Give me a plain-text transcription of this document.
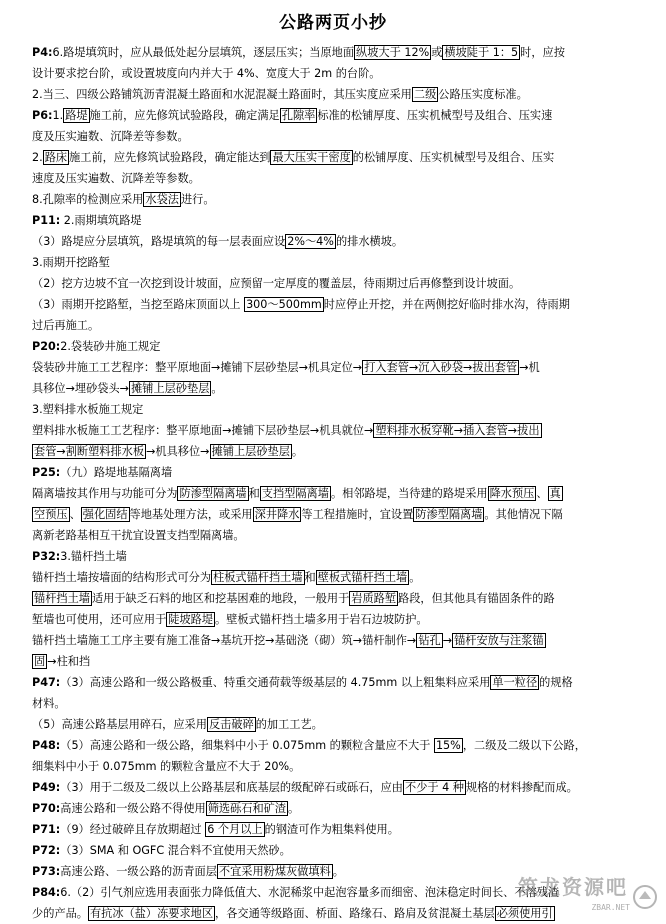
公路两页小抄
P4:6.路堤填筑时，应从最低处起分层填筑，逐层压实；当原地面 纵坡大于 12% 或 横坡陡于 1：5 时，应按
设计要求挖台阶，或设置坡度向内并大于 4%、宽度大于 2m 的台阶。
2.当三、四级公路铺筑沥青混凝土路面和水泥混凝土路面时，其压实度应采用 二级 公路压实度标准。
P6:1. 路堤 施工前，应先修筑试验路段，确定满足 孔隙率 标准的松铺厚度、压实机械型号及组合、压实速
度及压实遍数、沉降差等参数。
2. 路床 施工前，应先修筑试验路段，确定能达到 最大压实干密度 的松铺厚度、压实机械型号及组合、压实
速度及压实遍数、沉降差等参数。
8.孔隙率的检测应采用 水袋法 进行。
P11: 2.雨期填筑路堤
（3）路堤应分层填筑，路堤填筑的每一层表面应设 2%～4% 的排水横坡。
3.雨期开挖路堑
（2）挖方边坡不宜一次挖到设计坡面，应预留一定厚度的覆盖层，待雨期过后再修整到设计坡面。
（3）雨期开挖路堑，当挖至路床顶面以上 300～500mm 时应停止开挖，并在两侧挖好临时排水沟，待雨期
过后再施工。
P20:2.袋装砂井施工规定
袋装砂井施工工艺程序：整平原地面→摊铺下层砂垫层→机具定位→ 打入套管→沉入砂袋→拔出套管 →机
具移位→埋砂袋头→ 摊铺上层砂垫层 。
3.塑料排水板施工规定
塑料排水板施工工艺程序：整平原地面→摊铺下层砂垫层→机具就位→ 塑料排水板穿靴→插入套管→拔出
套管→割断塑料排水板 →机具移位→ 摊铺上层砂垫层 。
P25:（九）路堤地基隔离墙
隔离墙按其作用与功能可分为 防渗型隔离墙 和 支挡型隔离墙 。相邻路堤，当待建的路堤采用 降水预压 、 真
空预压 、 强化固结 等地基处理方法，或采用 深井降水 等工程措施时，宜设置 防渗型隔离墙 。其他情况下隔
离新老路基相互干扰宜设置支挡型隔离墙。
P32:3.锚杆挡土墙
锚杆挡土墙按墙面的结构形式可分为 柱板式锚杆挡土墙 和 壁板式锚杆挡土墙 。
锚杆挡土墙 适用于缺乏石料的地区和挖基困难的地段，一般用于 岩质路堑 路段，但其他具有锚固条件的路
堑墙也可使用，还可应用于 陡坡路堤 。壁板式锚杆挡土墙多用于岩石边坡防护。
锚杆挡土墙施工工序主要有施工准备→基坑开挖→基础浇（砌）筑→锚杆制作→ 钻孔 → 锚杆安放与注浆锚
固 →柱和挡
P47:（3）高速公路和一级公路极重、特重交通荷载等级基层的 4.75mm 以上粗集料应采用 单一粒径 的规格
材料。
（5）高速公路基层用碎石，应采用 反击破碎 的加工工艺。
P48:（5）高速公路和一级公路，细集料中小于 0.075mm 的颗粒含量应不大于 15% ，二级及二级以下公路，
细集料中小于 0.075mm 的颗粒含量应不大于 20%。
P49:（3）用于二级及二级以上公路基层和底基层的级配碎石或砾石，应由 不少于 4 种 规格的材料掺配而成。
P70:高速公路和一级公路不得使用 筛选砾石和矿渣 。
P71:（9）经过破碎且存放期超过 6 个月以上 的钢渣可作为粗集料使用。
P72:（3）SMA 和 OGFC 混合料不宜使用天然砂。
P73:高速公路、一级公路的沥青面层 不宜采用粉煤灰做填料 。
P84:6.（2）引气剂应选用表面张力降低值大、水泥稀浆中起泡容量多而细密、泡沫稳定时间长、不溶残渣
少的产品。 有抗冰（盐）冻要求地区 ，各交通等级路面、桥面、路缘石、路肩及贫混凝土基层 必须使用引
筑龙资源吧
ZBAR.NET
